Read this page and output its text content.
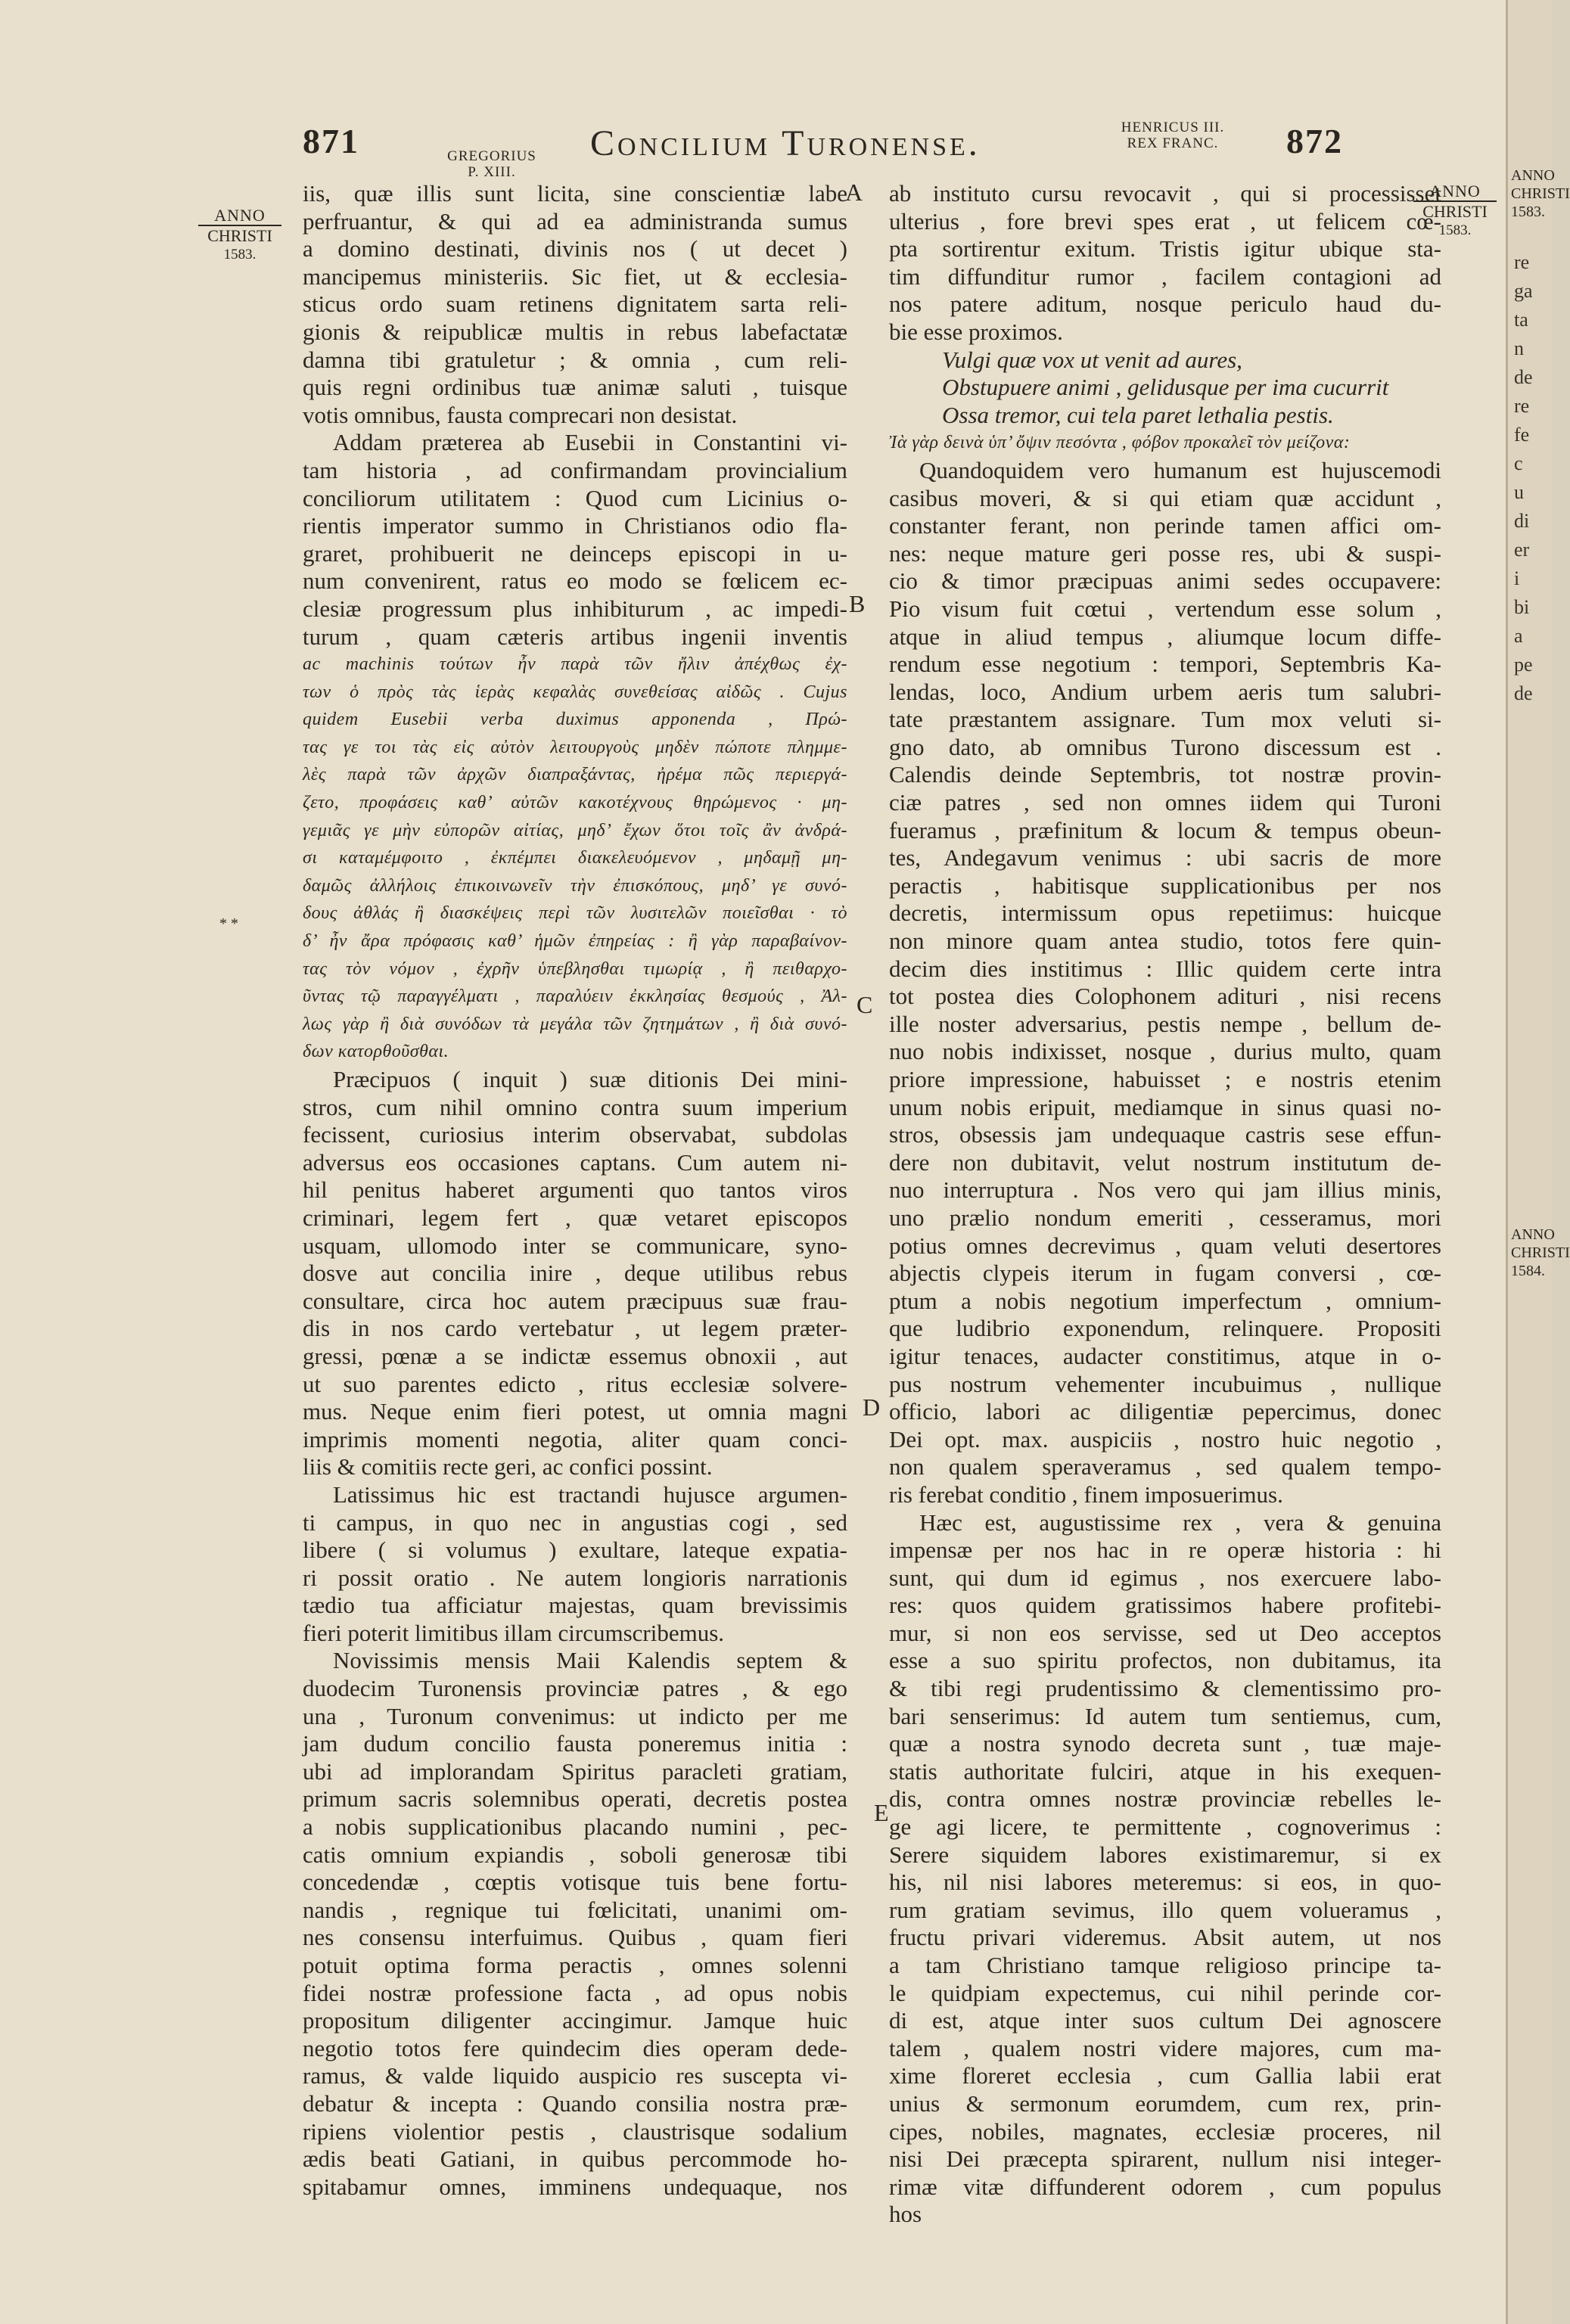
871	GREGORIUS
P. XIII.
Concilium Turonense.	HENRICUS III.
REX FRANC.	872
ANNO
CHRISTI
1583.
ANNO
CHRISTI
1583.
A
B
C
D
E
* *
iis, quæ illis sunt licita, sine conscientiæ labe
perfruantur, & qui ad ea administranda sumus
a domino destinati, divinis nos ( ut decet )
mancipemus ministeriis. Sic fiet, ut & ecclesia-
sticus ordo suam retinens dignitatem sarta reli-
gionis & reipublicæ multis in rebus labefactatæ
damna tibi gratuletur ; & omnia , cum reli-
quis regni ordinibus tuæ animæ saluti , tuisque
votis omnibus, fausta comprecari non desistat.
Addam præterea ab Eusebii in Constantini vi-
tam historia , ad confirmandam provincialium
conciliorum utilitatem : Quod cum Licinius o-
rientis imperator summo in Christianos odio fla-
graret, prohibuerit ne deinceps episcopi in u-
num convenirent, ratus eo modo se fœlicem ec-
clesiæ progressum plus inhibiturum , ac impedi-
turum , quam cæteris artibus ingenii inventis
ac machinis τούτων ἦν παρὰ τῶν ἤλιν ἀπέχθως ἐχ-
των ὁ πρὸς τὰς ἱερὰς κεφαλὰς συνεθείσας αἰδῶς . Cujus
quidem Eusebii verba duximus apponenda , Πρώ-
τας γε τοι τὰς εἰς αὐτὸν λειτουργοὺς μηδὲν πώποτε πλημμε-
λὲς παρὰ τῶν ἀρχῶν διαπραξάντας, ἠρέμα πῶς περιεργά-
ζετο, προφάσεις καθ’ αὐτῶν κακοτέχνους θηρώμενος · μη-
γεμιᾶς γε μὴν εὐπορῶν αἰτίας, μηδ’ ἔχων ὅτοι τοῖς ἂν ἀνδρά-
σι καταμέμφοιτο , ἐκπέμπει διακελευόμενον , μηδαμῇ μη-
δαμῶς ἀλλήλοις ἐπικοινωνεῖν τὴν ἐπισκόπους, μηδ’ γε συνό-
δους ἀθλάς ἢ διασκέψεις περὶ τῶν λυσιτελῶν ποιεῖσθαι · τὸ
δ’ ἦν ἄρα πρόφασις καθ’ ἡμῶν ἐπηρείας : ἢ γὰρ παραβαίνον-
τας τὸν νόμον , ἐχρῆν ὑπεβλησθαι τιμωρίᾳ , ἢ πειθαρχο-
ῦντας τῷ παραγγέλματι , παραλύειν ἐκκλησίας θεσμούς , Ἀλ-
λως γὰρ ἢ διὰ συνόδων τὰ μεγάλα τῶν ζητημάτων , ἢ διὰ συνό-
δων κατορθοῦσθαι.
Præcipuos ( inquit ) suæ ditionis Dei mini-
stros, cum nihil omnino contra suum imperium
fecissent, curiosius interim observabat, subdolas
adversus eos occasiones captans. Cum autem ni-
hil penitus haberet argumenti quo tantos viros
criminari, legem fert , quæ vetaret episcopos
usquam, ullomodo inter se communicare, syno-
dosve aut concilia inire , deque utilibus rebus
consultare, circa hoc autem præcipuus suæ frau-
dis in nos cardo vertebatur , ut legem præter-
gressi, pœnæ a se indictæ essemus obnoxii , aut
ut suo parentes edicto , ritus ecclesiæ solvere-
mus. Neque enim fieri potest, ut omnia magni
imprimis momenti negotia, aliter quam conci-
liis & comitiis recte geri, ac confici possint.
Latissimus hic est tractandi hujusce argumen-
ti campus, in quo nec in angustias cogi , sed
libere ( si volumus ) exultare, lateque expatia-
ri possit oratio . Ne autem longioris narrationis
tædio tua afficiatur majestas, quam brevissimis
fieri poterit limitibus illam circumscribemus.
Novissimis mensis Maii Kalendis septem &
duodecim Turonensis provinciæ patres , & ego
una , Turonum convenimus: ut indicto per me
jam dudum concilio fausta poneremus initia :
ubi ad implorandam Spiritus paracleti gratiam,
primum sacris solemnibus operati, decretis postea
a nobis supplicationibus placando numini , pec-
catis omnium expiandis , soboli generosæ tibi
concedendæ , cœptis votisque tuis bene fortu-
nandis , regnique tui fœlicitati, unanimi om-
nes consensu interfuimus. Quibus , quam fieri
potuit optima forma peractis , omnes solenni
fidei nostræ professione facta , ad opus nobis
propositum diligenter accingimur. Jamque huic
negotio totos fere quindecim dies operam dede-
ramus, & valde liquido auspicio res suscepta vi-
debatur & incepta : Quando consilia nostra præ-
ripiens violentior pestis , claustrisque sodalium
ædis beati Gatiani, in quibus percommode ho-
spitabamur omnes, imminens undequaque, nos
ab instituto cursu revocavit , qui si processisset
ulterius , fore brevi spes erat , ut felicem cœ-
pta sortirentur exitum. Tristis igitur ubique sta-
tim diffunditur rumor , facilem contagioni ad
nos patere aditum, nosque periculo haud du-
bie esse proximos.
Vulgi quæ vox ut venit ad aures,
Obstupuere animi , gelidusque per ima cucurrit
Ossa tremor, cui tela paret lethalia pestis.
Ἰὰ γὰρ δεινὰ ὑπ’ ὄψιν πεσόντα , φόβον προκαλεῖ τὸν μείζονα:
Quandoquidem vero humanum est hujuscemodi
casibus moveri, & si qui etiam quæ accidunt ,
constanter ferant, non perinde tamen affici om-
nes: neque mature geri posse res, ubi & suspi-
cio & timor præcipuas animi sedes occupavere:
Pio visum fuit cœtui , vertendum esse solum ,
atque in aliud tempus , aliumque locum diffe-
rendum esse negotium : tempori, Septembris Ka-
lendas, loco, Andium urbem aeris tum salubri-
tate præstantem assignare. Tum mox veluti si-
gno dato, ab omnibus Turono discessum est .
Calendis deinde Septembris, tot nostræ provin-
ciæ patres , sed non omnes iidem qui Turoni
fueramus , præfinitum & locum & tempus obeun-
tes, Andegavum venimus : ubi sacris de more
peractis , habitisque supplicationibus per nos
decretis, intermissum opus repetiimus: huicque
non minore quam antea studio, totos fere quin-
decim dies institimus : Illic quidem certe intra
tot postea dies Colophonem adituri , nisi recens
ille noster adversarius, pestis nempe , bellum de-
nuo nobis indixisset, nosque , durius multo, quam
priore impressione, habuisset ; e nostris etenim
unum nobis eripuit, mediamque in sinus quasi no-
stros, obsessis jam undequaque castris sese effun-
dere non dubitavit, velut nostrum institutum de-
nuo interruptura . Nos vero qui jam illius minis,
uno prælio nondum emeriti , cesseramus, mori
potius omnes decrevimus , quam veluti desertores
abjectis clypeis iterum in fugam conversi , cœ-
ptum a nobis negotium imperfectum , omnium-
que ludibrio exponendum, relinquere. Propositi
igitur tenaces, audacter constitimus, atque in o-
pus nostrum vehementer incubuimus , nullique
officio, labori ac diligentiæ pepercimus, donec
Dei opt. max. auspiciis , nostro huic negotio ,
non qualem speraveramus , sed qualem tempo-
ris ferebat conditio , finem imposuerimus.
Hæc est, augustissime rex , vera & genuina
impensæ per nos hac in re operæ historia : hi
sunt, qui dum id egimus , nos exercuere labo-
res: quos quidem gratissimos habere profitebi-
mur, si non eos servisse, sed ut Deo acceptos
esse a suo spiritu profectos, non dubitamus, ita
& tibi regi prudentissimo & clementissimo pro-
bari senserimus: Id autem tum sentiemus, cum,
quæ a nostra synodo decreta sunt , tuæ maje-
statis authoritate fulciri, atque in his exequen-
dis, contra omnes nostræ provinciæ rebelles le-
ge agi licere, te permittente , cognoverimus :
Serere siquidem labores existimaremur, si ex
his, nil nisi labores meteremus: si eos, in quo-
rum gratiam sevimus, illo quem volueramus ,
fructu privari videremus. Absit autem, ut nos
a tam Christiano tamque religioso principe ta-
le quidpiam expectemus, cui nihil perinde cor-
di est, atque inter suos cultum Dei agnoscere
talem , qualem nostri videre majores, cum ma-
xime floreret ecclesia , cum Gallia labii erat
unius & sermonum eorumdem, cum rex, prin-
cipes, nobiles, magnates, ecclesiæ proceres, nil
nisi Dei præcepta spirarent, nullum nisi integer-
rimæ vitæ diffunderent odorem , cum populus
hos
ANNO
CHRISTI
1583.
ANNO
CHRISTI
1584.
re
ga
ta
n
de
re
fe
c
u
di
er
i
bi
a
pe
de
